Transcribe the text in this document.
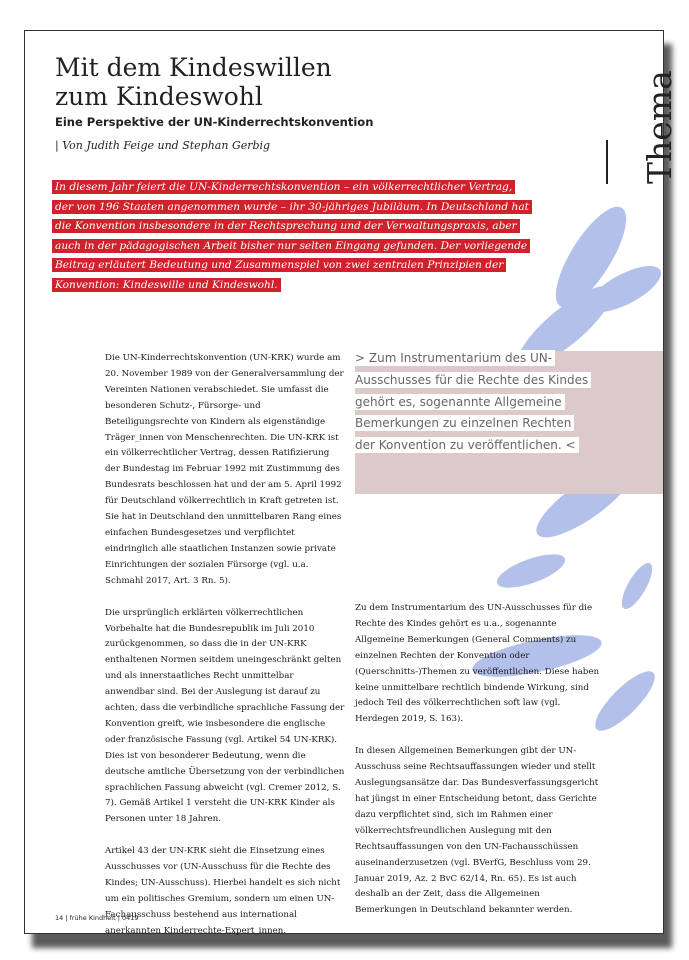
Thema
Mit dem Kindeswillen
zum Kindeswohl
Eine Perspektive der UN-Kinderrechtskonvention
| Von Judith Feige und Stephan Gerbig
In diesem Jahr feiert die UN-Kinderrechtskonvention – ein völkerrechtlicher Vertrag, der von 196 Staaten angenommen wurde – ihr 30-jähriges Jubiläum. In Deutschland hat die Konvention insbesondere in der Rechtsprechung und der Verwaltungspraxis, aber auch in der pädagogischen Arbeit bisher nur selten Eingang gefunden. Der vorliegende Beitrag erläutert Bedeutung und Zusammenspiel von zwei zentralen Prinzipien der Konvention: Kindeswille und Kindeswohl.

Die UN-Kinderrechtskonvention (UN-KRK) wurde am 20. November 1989 von der Generalversammlung der Vereinten Nationen verabschiedet. Sie umfasst die besonderen Schutz-, Fürsorge- und Beteiligungsrechte von Kindern als eigenständige Träger_innen von Menschenrechten. Die UN-KRK ist ein völkerrechtlicher Vertrag, dessen Ratifizierung der Bundestag im Februar 1992 mit Zustimmung des Bundesrats beschlossen hat und der am 5. April 1992 für Deutschland völkerrechtlich in Kraft getreten ist. Sie hat in Deutschland den unmittelbaren Rang eines einfachen Bundesgesetzes und verpflichtet eindringlich alle staatlichen Instanzen sowie private Einrichtungen der sozialen Fürsorge (vgl. u.a. Schmahl 2017, Art. 3 Rn. 5).

Die ursprünglich erklärten völkerrechtlichen Vorbehalte hat die Bundesrepublik im Juli 2010 zurückgenommen, so dass die in der UN-KRK enthaltenen Normen seitdem uneingeschränkt gelten und als innerstaatliches Recht unmittelbar anwendbar sind. Bei der Auslegung ist darauf zu achten, dass die verbindliche sprachliche Fassung der Konvention greift, wie insbesondere die englische oder französische Fassung (vgl. Artikel 54 UN-KRK). Dies ist von besonderer Bedeutung, wenn die deutsche amtliche Übersetzung von der verbindlichen sprachlichen Fassung abweicht (vgl. Cremer 2012, S. 7). Gemäß Artikel 1 versteht die UN-KRK Kinder als Personen unter 18 Jahren.

Artikel 43 der UN-KRK sieht die Einsetzung eines Ausschusses vor (UN-Ausschuss für die Rechte des Kindes; UN-Ausschuss). Hierbei handelt es sich nicht um ein politisches Gremium, sondern um einen UN-Fachausschuss bestehend aus international anerkannten Kinderrechte-Expert_innen.

> Zum Instrumentarium des UN-Ausschusses für die Rechte des Kindes gehört es, sogenannte Allgemeine Bemerkungen zu einzelnen Rechten der Konvention zu veröffentlichen. <

Zu dem Instrumentarium des UN-Ausschusses für die Rechte des Kindes gehört es u.a., sogenannte Allgemeine Bemerkungen (General Comments) zu einzelnen Rechten der Konvention oder (Querschnitts-)Themen zu veröffentlichen. Diese haben keine unmittelbare rechtlich bindende Wirkung, sind jedoch Teil des völkerrechtlichen soft law (vgl. Herdegen 2019, S. 163).

In diesen Allgemeinen Bemerkungen gibt der UN-Ausschuss seine Rechtsauffassungen wieder und stellt Auslegungsansätze dar. Das Bundesverfassungsgericht hat jüngst in einer Entscheidung betont, dass Gerichte dazu verpflichtet sind, sich im Rahmen einer völkerrechtsfreundlichen Auslegung mit den Rechtsauffassungen von den UN-Fachausschüssen auseinanderzusetzen (vgl. BVerfG, Beschluss vom 29. Januar 2019, Az. 2 BvC 62/14, Rn. 65). Es ist auch deshalb an der Zeit, dass die Allgemeinen Bemerkungen in Deutschland bekannter werden.

14 | frühe Kindheit | 0419
